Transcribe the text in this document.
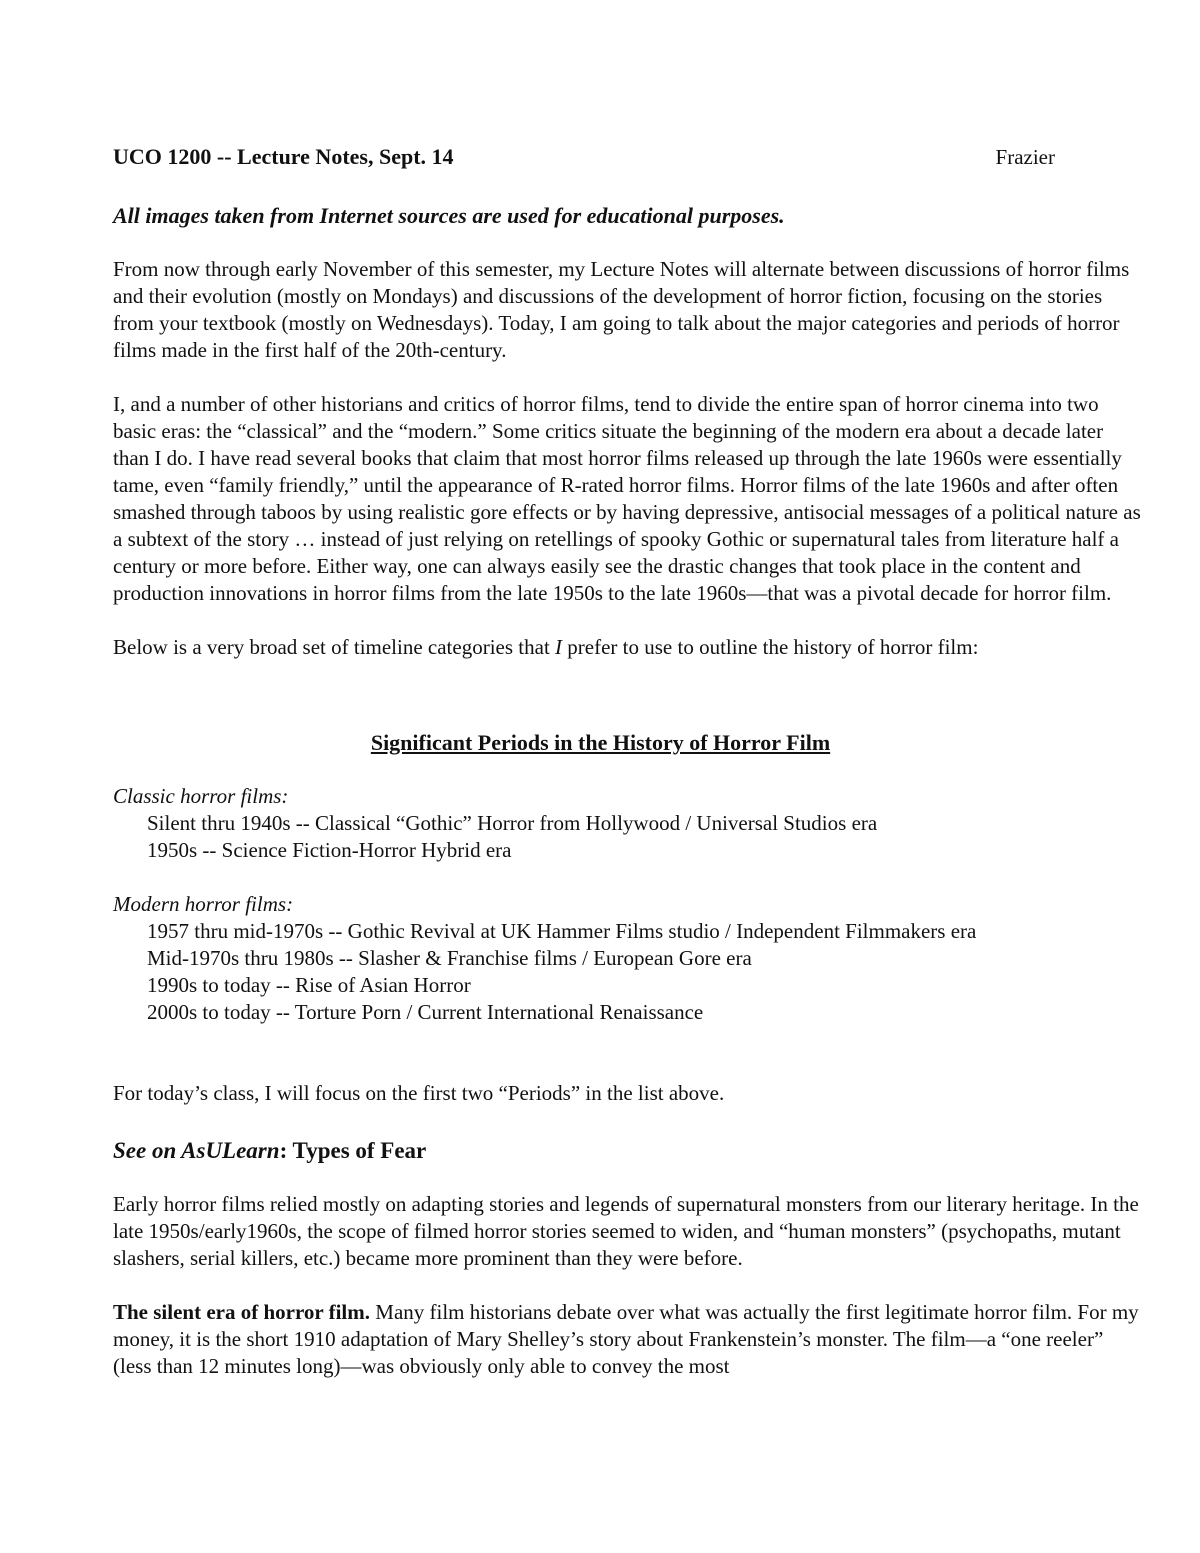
UCO 1200 -- Lecture Notes, Sept. 14	Frazier

All images taken from Internet sources are used for educational purposes.

From now through early November of this semester, my Lecture Notes will alternate between discussions of horror films and their evolution (mostly on Mondays) and discussions of the development of horror fiction, focusing on the stories from your textbook (mostly on Wednesdays). Today, I am going to talk about the major categories and periods of horror films made in the first half of the 20th-century.

I, and a number of other historians and critics of horror films, tend to divide the entire span of horror cinema into two basic eras: the “classical” and the “modern.” Some critics situate the beginning of the modern era about a decade later than I do. I have read several books that claim that most horror films released up through the late 1960s were essentially tame, even “family friendly,” until the appearance of R-rated horror films. Horror films of the late 1960s and after often smashed through taboos by using realistic gore effects or by having depressive, antisocial messages of a political nature as a subtext of the story … instead of just relying on retellings of spooky Gothic or supernatural tales from literature half a century or more before. Either way, one can always easily see the drastic changes that took place in the content and production innovations in horror films from the late 1950s to the late 1960s—that was a pivotal decade for horror film.

Below is a very broad set of timeline categories that I prefer to use to outline the history of horror film:

Significant Periods in the History of Horror Film

Classic horror films:

Silent thru 1940s -- Classical “Gothic” Horror from Hollywood / Universal Studios era

1950s -- Science Fiction-Horror Hybrid era

Modern horror films:

1957 thru mid-1970s -- Gothic Revival at UK Hammer Films studio / Independent Filmmakers era

Mid-1970s thru 1980s -- Slasher & Franchise films / European Gore era

1990s to today -- Rise of Asian Horror

2000s to today -- Torture Porn / Current International Renaissance

For today’s class, I will focus on the first two “Periods” in the list above.

See on AsULearn: Types of Fear

Early horror films relied mostly on adapting stories and legends of supernatural monsters from our literary heritage. In the late 1950s/early1960s, the scope of filmed horror stories seemed to widen, and “human monsters” (psychopaths, mutant slashers, serial killers, etc.) became more prominent than they were before.

The silent era of horror film. Many film historians debate over what was actually the first legitimate horror film. For my money, it is the short 1910 adaptation of Mary Shelley’s story about Frankenstein’s monster. The film—a “one reeler” (less than 12 minutes long)—was obviously only able to convey the most
